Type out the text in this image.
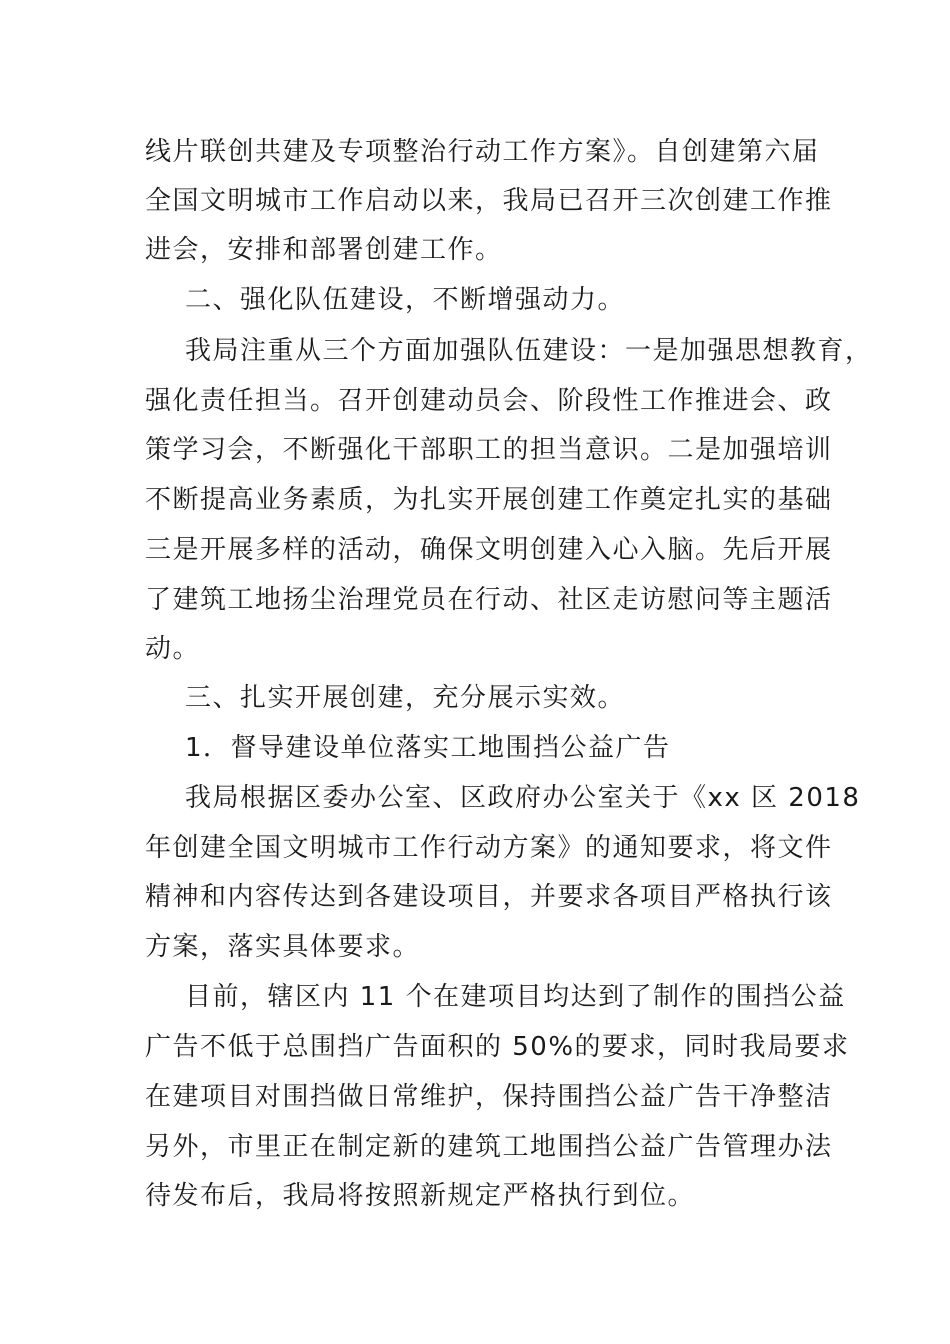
线片联创共建及专项整治行动工作方案》。自创建第六届
全国文明城市工作启动以来，我局已召开三次创建工作推
进会，安排和部署创建工作。
二、强化队伍建设，不断增强动力。
我局注重从三个方面加强队伍建设：一是加强思想教育，
强化责任担当。召开创建动员会、阶段性工作推进会、政
策学习会，不断强化干部职工的担当意识。二是加强培训
不断提高业务素质，为扎实开展创建工作奠定扎实的基础
三是开展多样的活动，确保文明创建入心入脑。先后开展
了建筑工地扬尘治理党员在行动、社区走访慰问等主题活
动。
三、扎实开展创建，充分展示实效。
1．督导建设单位落实工地围挡公益广告
我局根据区委办公室、区政府办公室关于《xx 区 2018
年创建全国文明城市工作行动方案》的通知要求，将文件
精神和内容传达到各建设项目，并要求各项目严格执行该
方案，落实具体要求。
目前，辖区内 11 个在建项目均达到了制作的围挡公益
广告不低于总围挡广告面积的 50%的要求，同时我局要求
在建项目对围挡做日常维护，保持围挡公益广告干净整洁
另外，市里正在制定新的建筑工地围挡公益广告管理办法
待发布后，我局将按照新规定严格执行到位。
